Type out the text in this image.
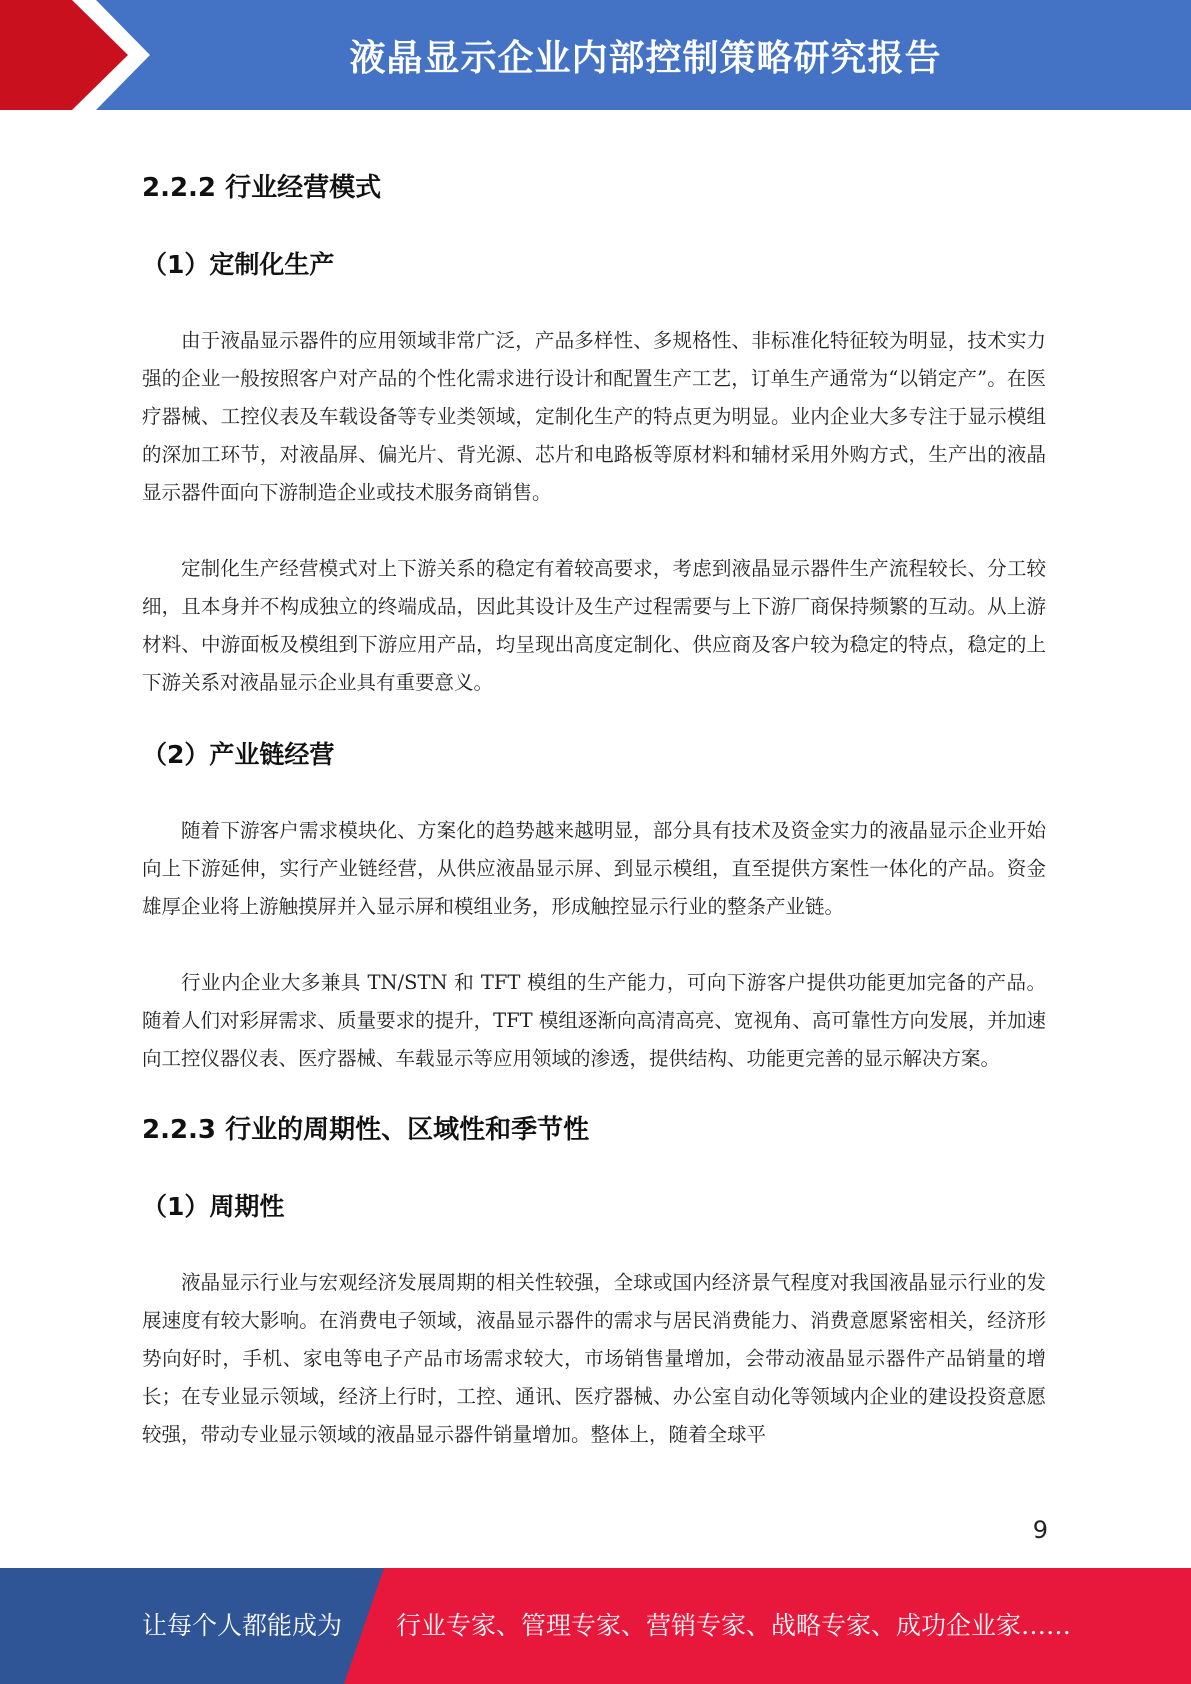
液晶显示企业内部控制策略研究报告
2.2.2 行业经营模式
（1）定制化生产

由于液晶显示器件的应用领域非常广泛，产品多样性、多规格性、非标准化特征较为明显，技术实力强的企业一般按照客户对产品的个性化需求进行设计和配置生产工艺，订单生产通常为“以销定产”。在医疗器械、工控仪表及车载设备等专业类领域，定制化生产的特点更为明显。业内企业大多专注于显示模组的深加工环节，对液晶屏、偏光片、背光源、芯片和电路板等原材料和辅材采用外购方式，生产出的液晶显示器件面向下游制造企业或技术服务商销售。

定制化生产经营模式对上下游关系的稳定有着较高要求，考虑到液晶显示器件生产流程较长、分工较细，且本身并不构成独立的终端成品，因此其设计及生产过程需要与上下游厂商保持频繁的互动。从上游材料、中游面板及模组到下游应用产品，均呈现出高度定制化、供应商及客户较为稳定的特点，稳定的上下游关系对液晶显示企业具有重要意义。

（2）产业链经营

随着下游客户需求模块化、方案化的趋势越来越明显，部分具有技术及资金实力的液晶显示企业开始向上下游延伸，实行产业链经营，从供应液晶显示屏、到显示模组，直至提供方案性一体化的产品。资金雄厚企业将上游触摸屏并入显示屏和模组业务，形成触控显示行业的整条产业链。

行业内企业大多兼具 TN/STN 和 TFT 模组的生产能力，可向下游客户提供功能更加完备的产品。随着人们对彩屏需求、质量要求的提升，TFT 模组逐渐向高清高亮、宽视角、高可靠性方向发展，并加速向工控仪器仪表、医疗器械、车载显示等应用领域的渗透，提供结构、功能更完善的显示解决方案。

2.2.3 行业的周期性、区域性和季节性
（1）周期性

液晶显示行业与宏观经济发展周期的相关性较强，全球或国内经济景气程度对我国液晶显示行业的发展速度有较大影响。在消费电子领域，液晶显示器件的需求与居民消费能力、消费意愿紧密相关，经济形势向好时，手机、家电等电子产品市场需求较大，市场销售量增加，会带动液晶显示器件产品销量的增长；在专业显示领域，经济上行时，工控、通讯、医疗器械、办公室自动化等领域内企业的建设投资意愿较强，带动专业显示领域的液晶显示器件销量增加。整体上，随着全球平

9
让每个人都能成为 行业专家、管理专家、营销专家、战略专家、成功企业家……
